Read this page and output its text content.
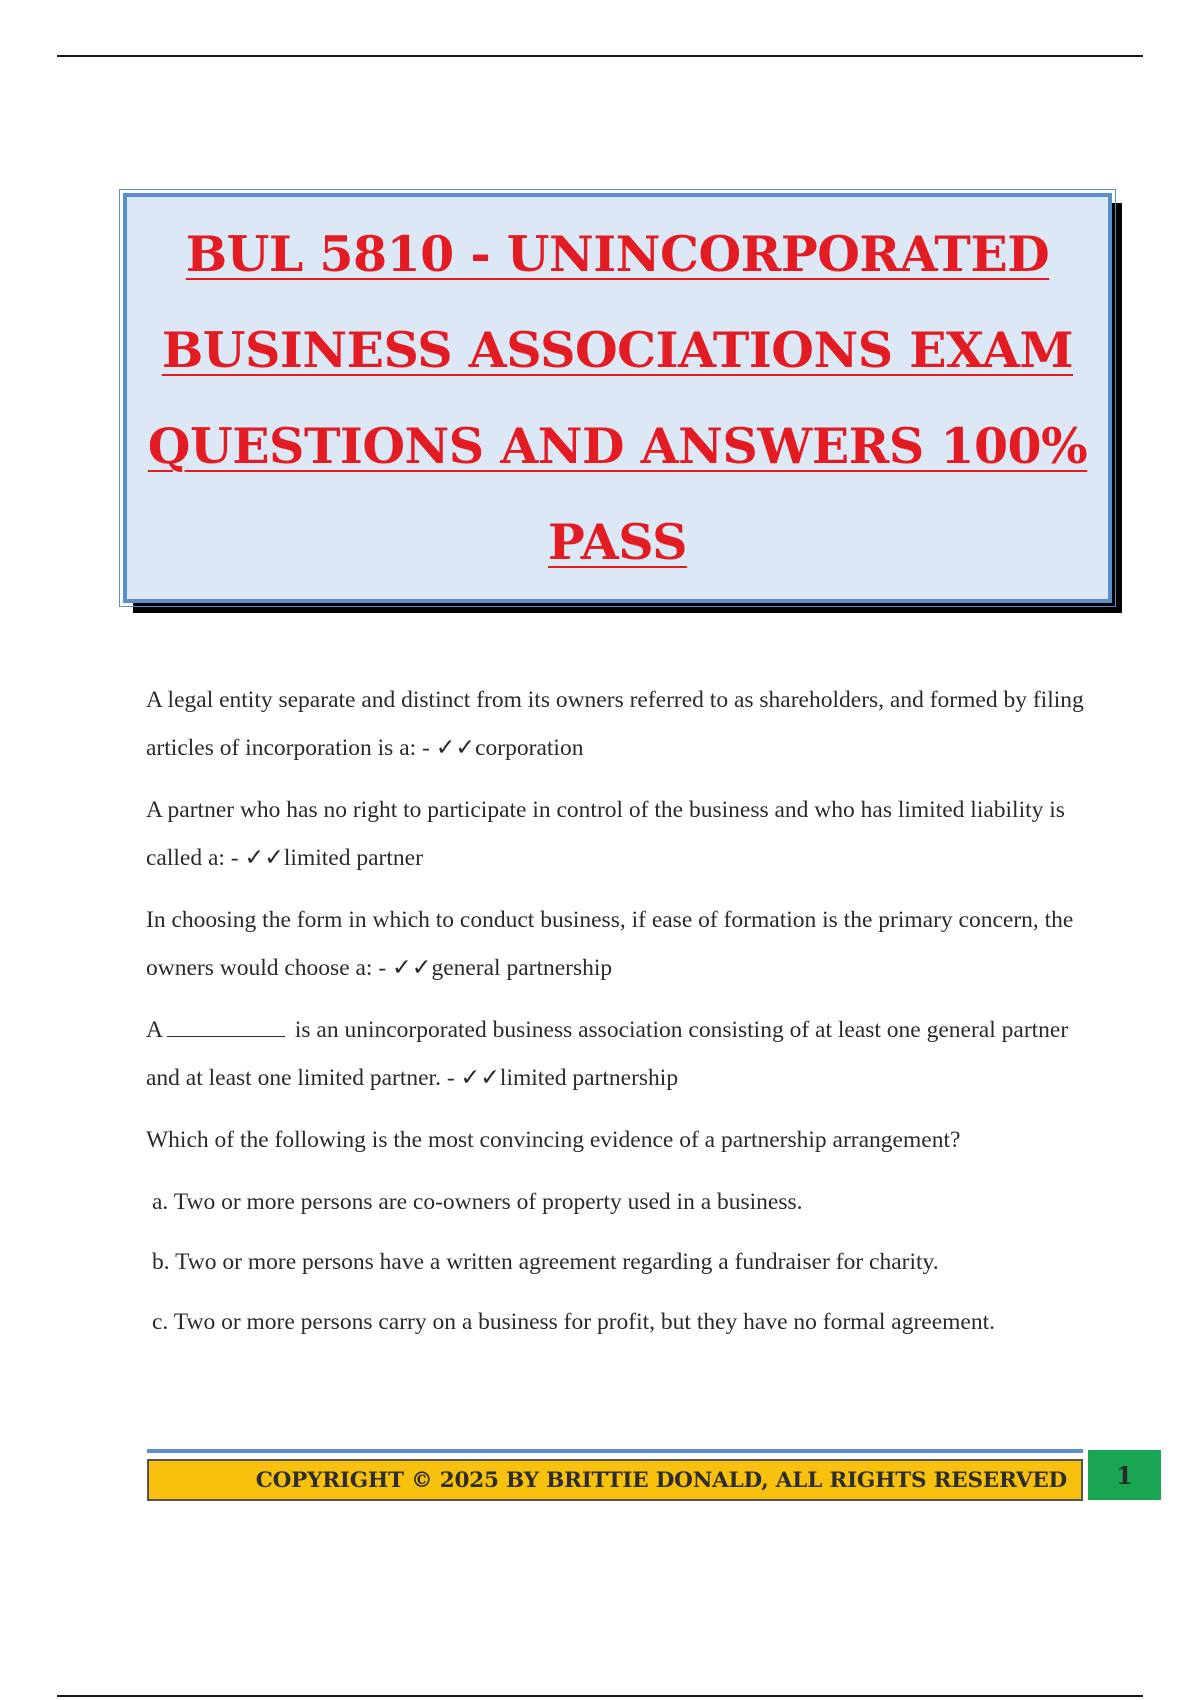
BUL 5810 - UNINCORPORATED
BUSINESS ASSOCIATIONS EXAM
QUESTIONS AND ANSWERS 100%
PASS

A legal entity separate and distinct from its owners referred to as shareholders, and formed by filing articles of incorporation is a: - ✓✓corporation

A partner who has no right to participate in control of the business and who has limited liability is called a: - ✓✓limited partner

In choosing the form in which to conduct business, if ease of formation is the primary concern, the owners would choose a: - ✓✓general partnership

A	is an unincorporated business association consisting of at least one general partner and at least one limited partner. - ✓✓limited partnership

Which of the following is the most convincing evidence of a partnership arrangement?

a. Two or more persons are co-owners of property used in a business.

b. Two or more persons have a written agreement regarding a fundraiser for charity.

c. Two or more persons carry on a business for profit, but they have no formal agreement.

COPYRIGHT © 2025 BY BRITTIE DONALD, ALL RIGHTS RESERVED 1
